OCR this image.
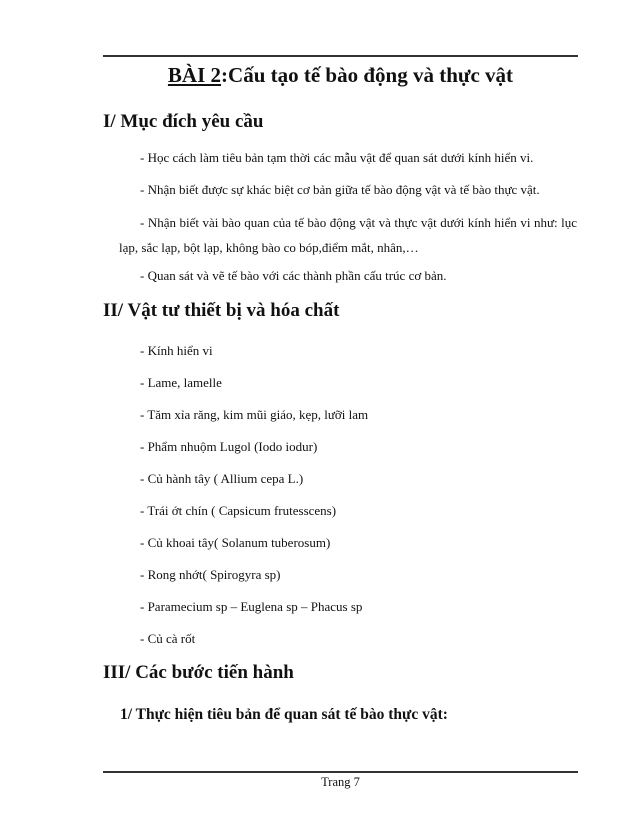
BÀI 2:Cấu tạo tế bào động và thực vật
I/ Mục đích yêu cầu
- Học cách làm tiêu bản tạm thời các mẫu vật để quan sát dưới kính hiển vi.
- Nhận biết được sự khác biệt cơ bản giữa tế bào động vật và tế bào thực vật.
- Nhận biết vài bào quan của tế bào động vật và thực vật dưới kính hiển vi như: lục lạp, sắc lạp, bột lạp, không bào co bóp,điểm mắt, nhân,…
- Quan sát và vẽ tế bào với các thành phần cấu trúc cơ bản.
II/ Vật tư thiết bị và hóa chất
- Kính hiển vi
- Lame, lamelle
- Tăm xỉa răng, kim mũi giáo, kẹp, lưỡi lam
- Phẩm nhuộm Lugol (Iodo iodur)
- Củ hành tây ( Allium cepa L.)
- Trái ớt chín ( Capsicum frutesscens)
- Củ khoai tây( Solanum tuberosum)
- Rong nhớt( Spirogyra sp)
- Paramecium sp – Euglena sp – Phacus sp
- Củ cà rốt
III/ Các bước tiến hành
1/ Thực hiện tiêu bản để quan sát tế bào thực vật:
Trang 7
